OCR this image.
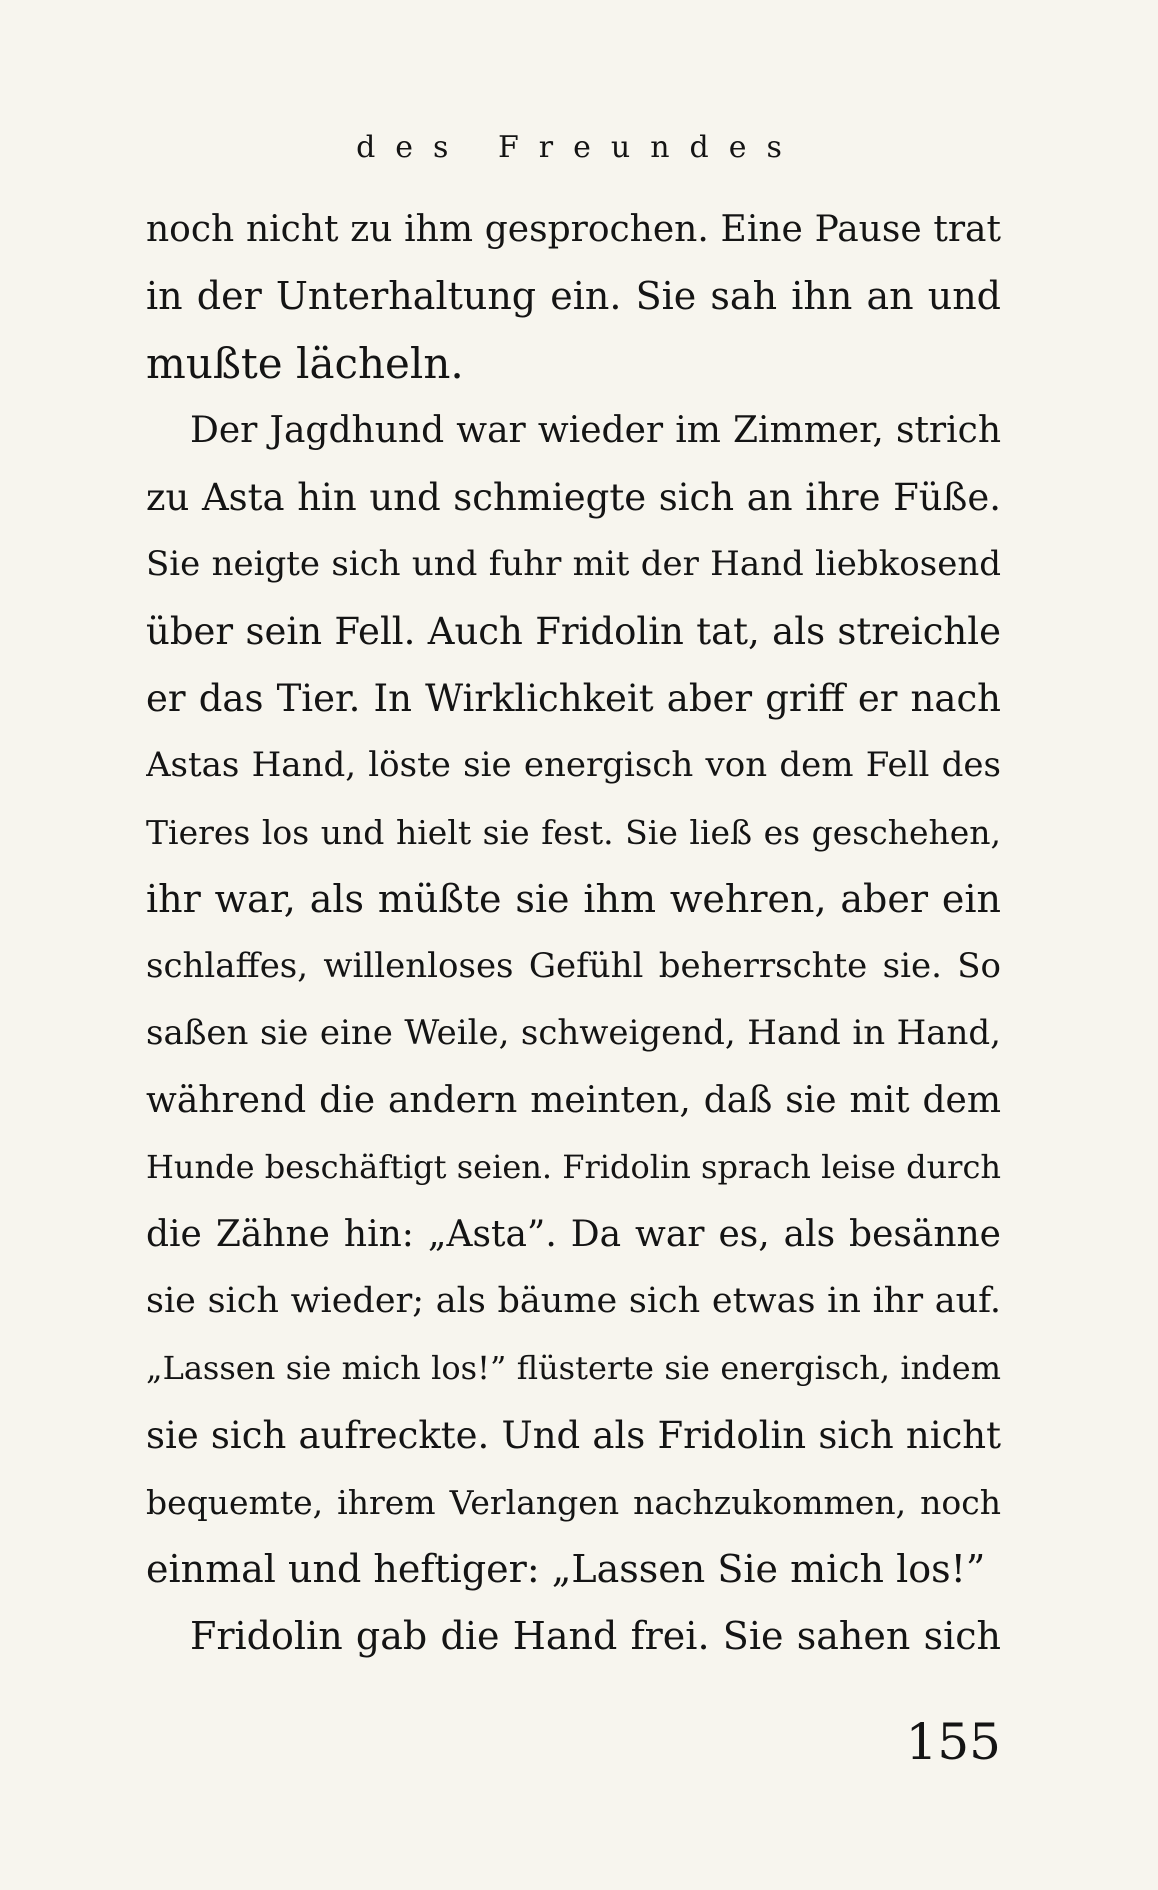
des Freundes
noch nicht zu ihm gesprochen. Eine Pause trat
in der Unterhaltung ein. Sie sah ihn an und
mußte lächeln.
Der Jagdhund war wieder im Zimmer, strich
zu Asta hin und schmiegte sich an ihre Füße.
Sie neigte sich und fuhr mit der Hand liebkosend
über sein Fell. Auch Fridolin tat, als streichle
er das Tier. In Wirklichkeit aber griff er nach
Astas Hand, löste sie energisch von dem Fell des
Tieres los und hielt sie fest. Sie ließ es geschehen,
ihr war, als müßte sie ihm wehren, aber ein
schlaffes, willenloses Gefühl beherrschte sie. So
saßen sie eine Weile, schweigend, Hand in Hand,
während die andern meinten, daß sie mit dem
Hunde beschäftigt seien. Fridolin sprach leise durch
die Zähne hin: „Asta”. Da war es, als besänne
sie sich wieder; als bäume sich etwas in ihr auf.
„Lassen sie mich los!” flüsterte sie energisch, indem
sie sich aufreckte. Und als Fridolin sich nicht
bequemte, ihrem Verlangen nachzukommen, noch
einmal und heftiger: „Lassen Sie mich los!”
Fridolin gab die Hand frei. Sie sahen sich
155
